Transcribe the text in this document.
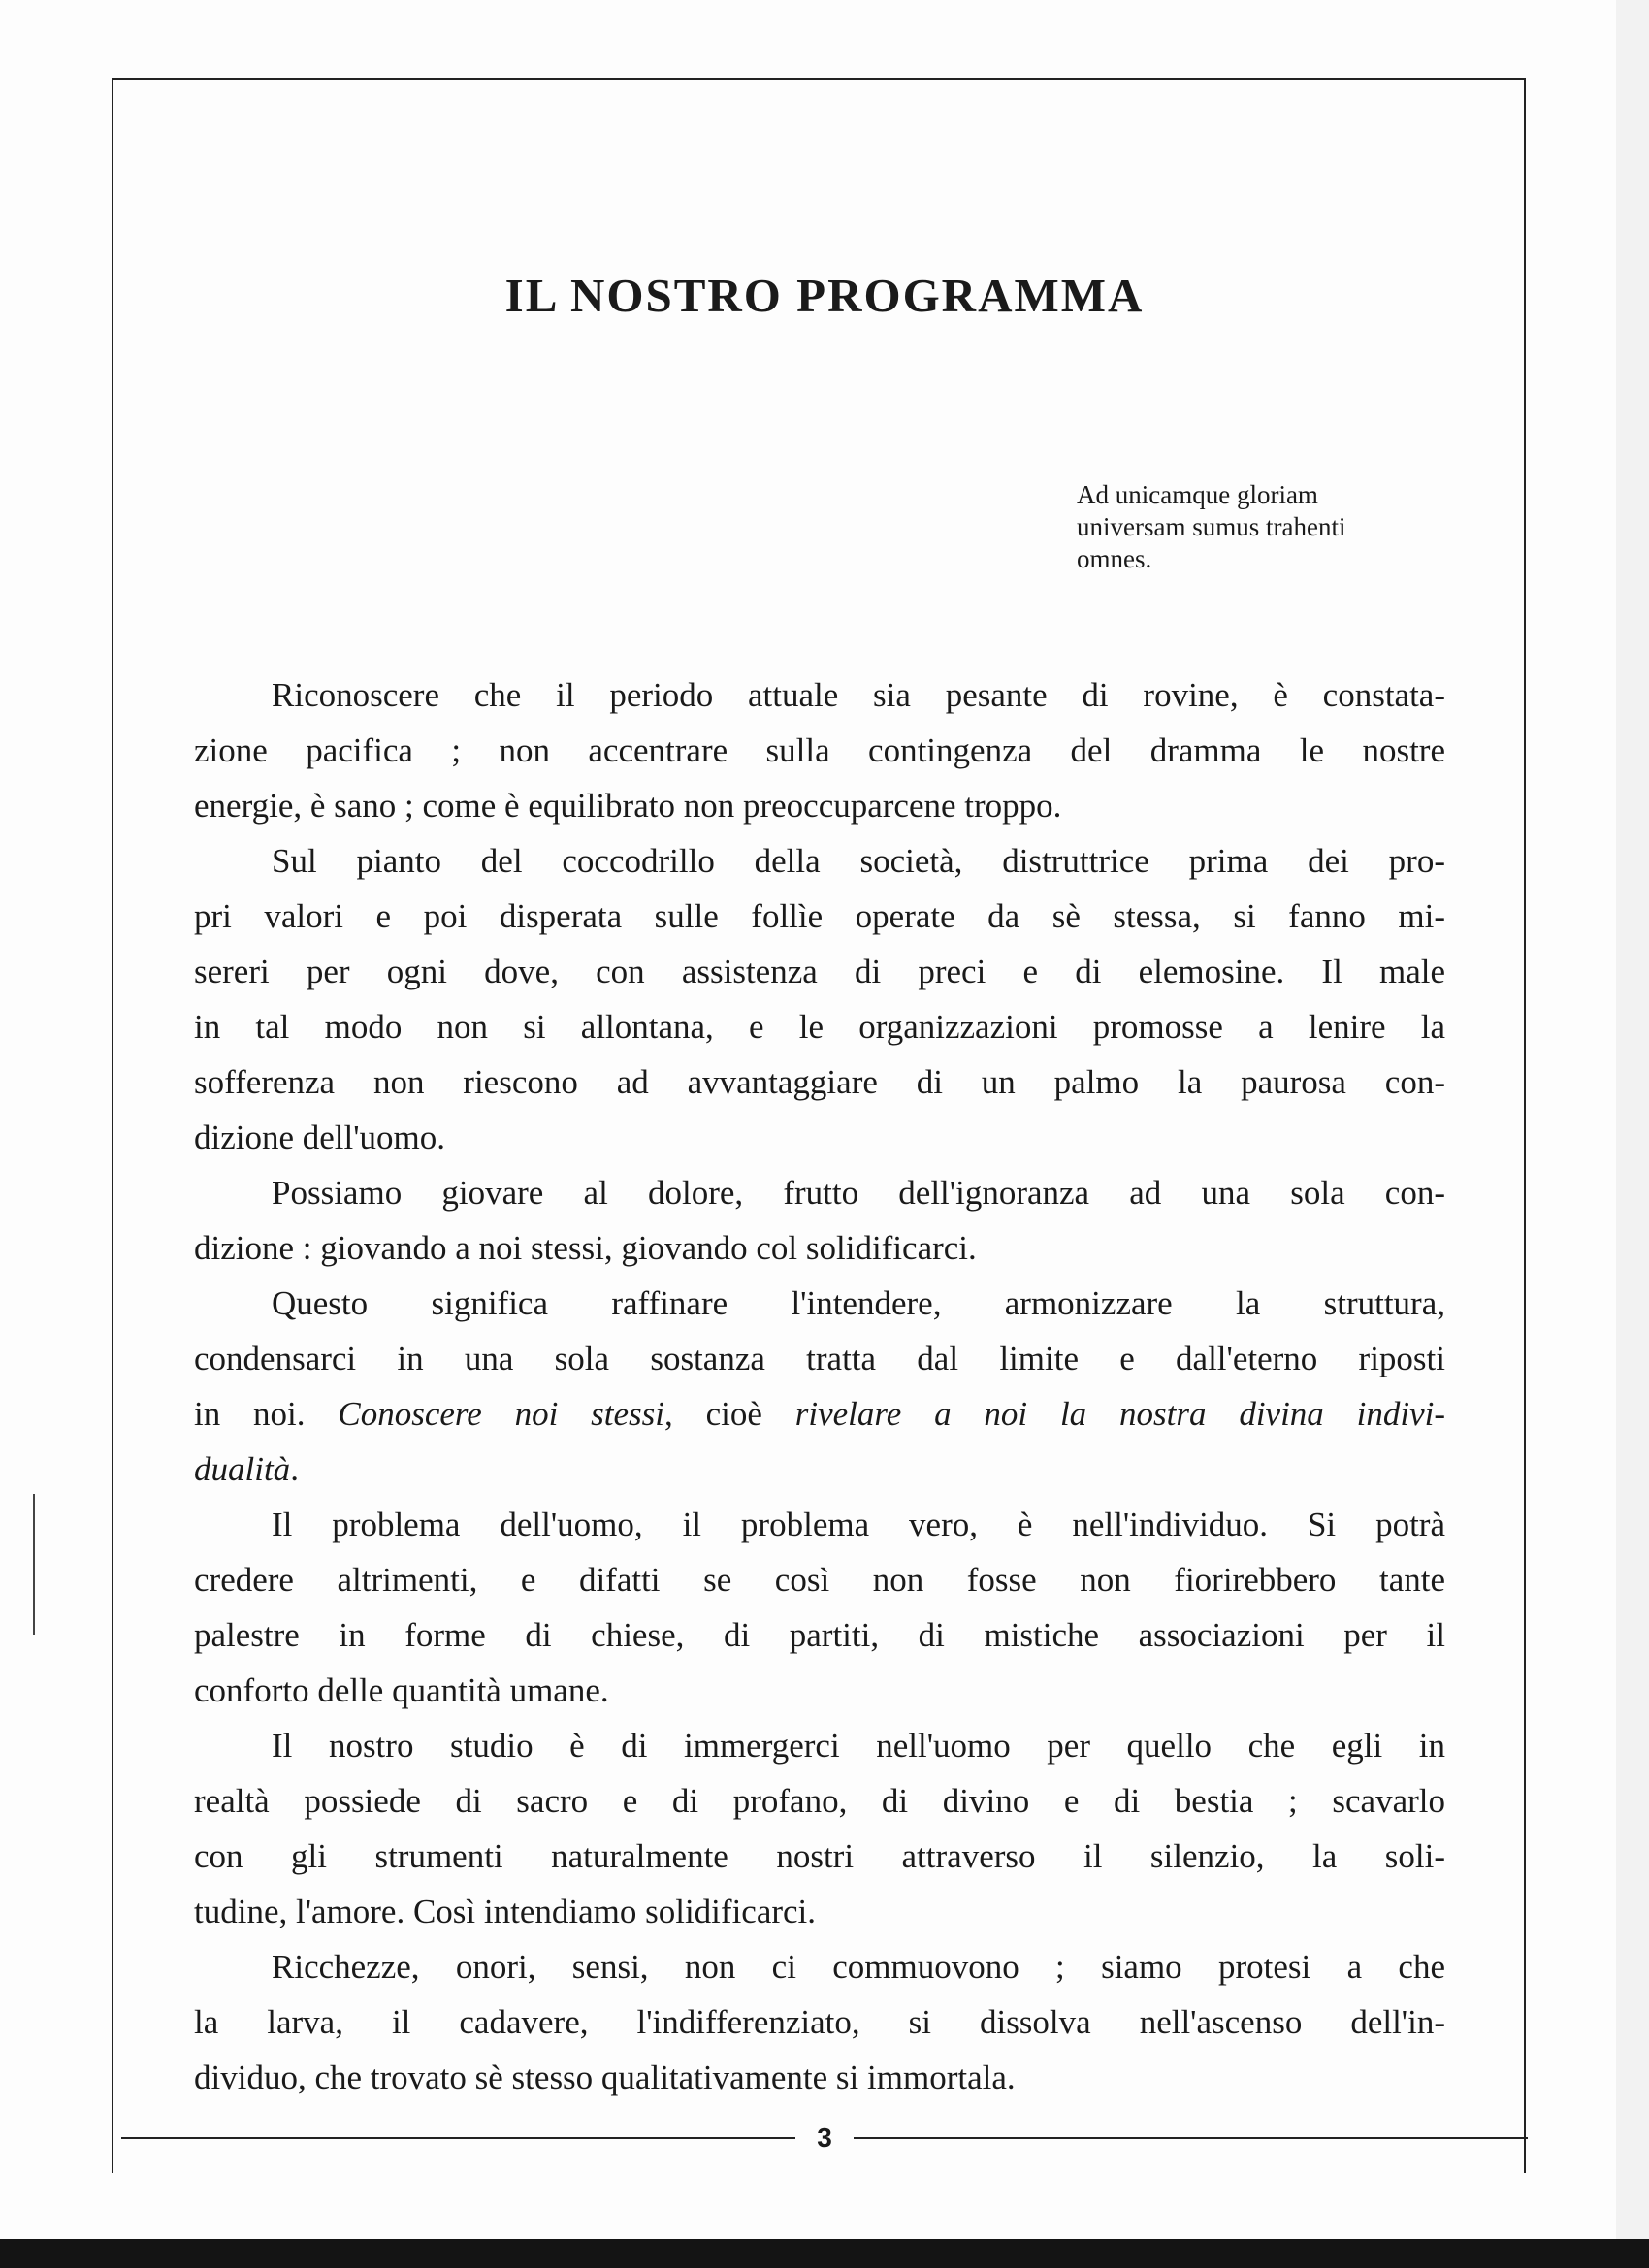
IL NOSTRO PROGRAMMA
Ad unicamque gloriam
universam sumus trahenti
omnes.
Riconoscere che il periodo attuale sia pesante di rovine, è constata-
zione pacifica ; non accentrare sulla contingenza del dramma le nostre
energie, è sano ; come è equilibrato non preoccuparcene troppo.
Sul pianto del coccodrillo della società, distruttrice prima dei pro-
pri valori e poi disperata sulle follìe operate da sè stessa, si fanno mi-
sereri per ogni dove, con assistenza di preci e di elemosine. Il male
in tal modo non si allontana, e le organizzazioni promosse a lenire la
sofferenza non riescono ad avvantaggiare di un palmo la paurosa con-
dizione dell'uomo.
Possiamo giovare al dolore, frutto dell'ignoranza ad una sola con-
dizione : giovando a noi stessi, giovando col solidificarci.
Questo significa raffinare l'intendere, armonizzare la struttura,
condensarci in una sola sostanza tratta dal limite e dall'eterno riposti
in noi. Conoscere noi stessi, cioè rivelare a noi la nostra divina indivi-
dualità.
Il problema dell'uomo, il problema vero, è nell'individuo. Si potrà
credere altrimenti, e difatti se così non fosse non fiorirebbero tante
palestre in forme di chiese, di partiti, di mistiche associazioni per il
conforto delle quantità umane.
Il nostro studio è di immergerci nell'uomo per quello che egli in
realtà possiede di sacro e di profano, di divino e di bestia ; scavarlo
con gli strumenti naturalmente nostri attraverso il silenzio, la soli-
tudine, l'amore. Così intendiamo solidificarci.
Ricchezze, onori, sensi, non ci commuovono ; siamo protesi a che
la larva, il cadavere, l'indifferenziato, si dissolva nell'ascenso dell'in-
dividuo, che trovato sè stesso qualitativamente si immortala.
3
